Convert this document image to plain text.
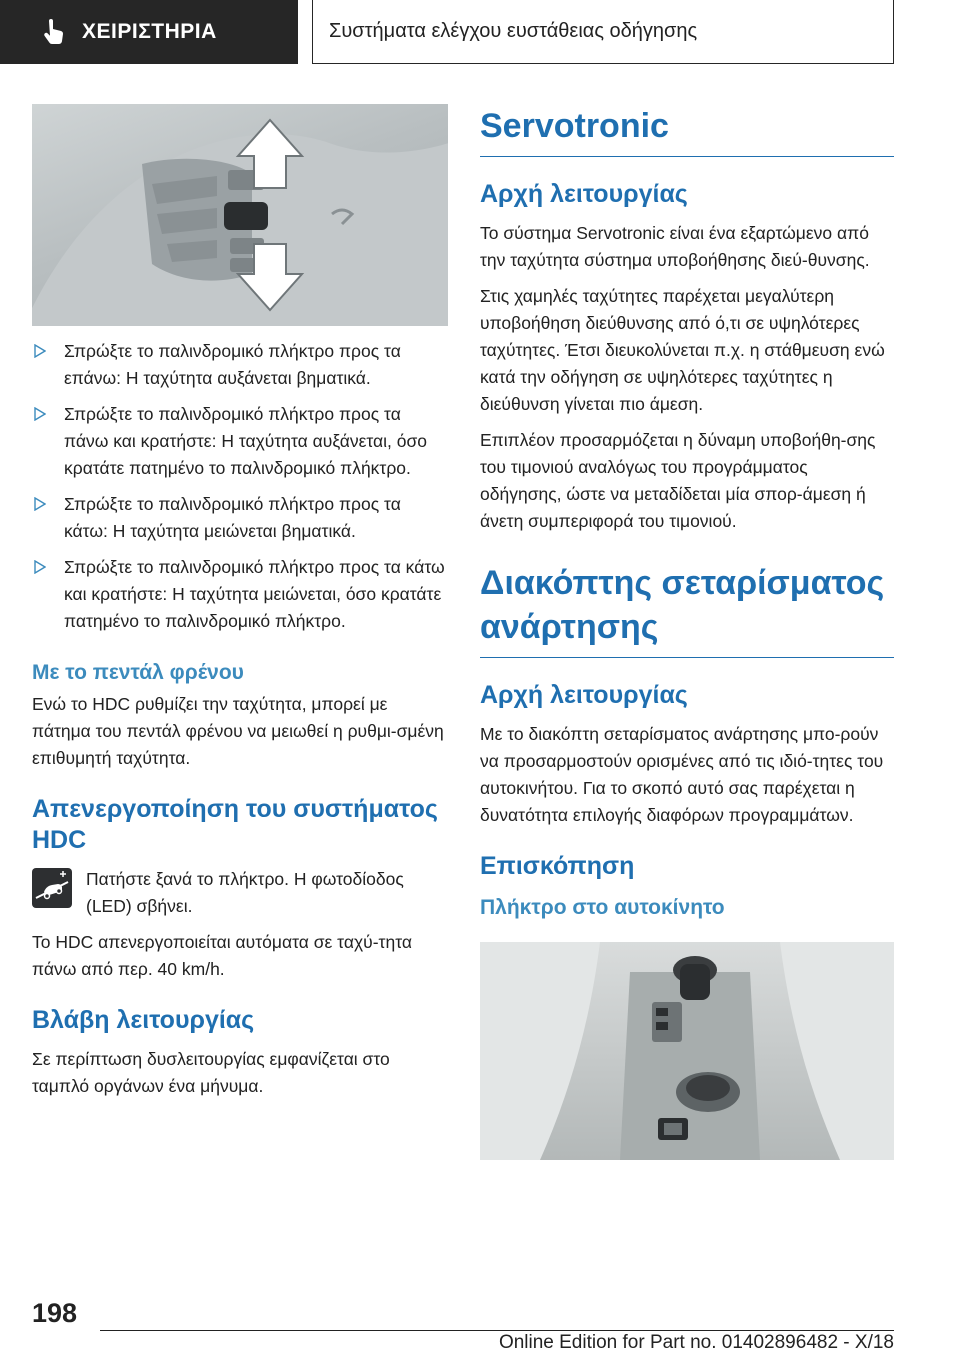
ΧΕΙΡΙΣΤΗΡΙΑ	Συστήματα ελέγχου ευστάθειας οδήγησης
Σπρώξτε το παλινδρομικό πλήκτρο προς τα επάνω: Η ταχύτητα αυξάνεται βηματικά.
Σπρώξτε το παλινδρομικό πλήκτρο προς τα πάνω και κρατήστε: Η ταχύτητα αυξάνεται, όσο κρατάτε πατημένο το παλινδρομικό πλήκτρο.
Σπρώξτε το παλινδρομικό πλήκτρο προς τα κάτω: Η ταχύτητα μειώνεται βηματικά.
Σπρώξτε το παλινδρομικό πλήκτρο προς τα κάτω και κρατήστε: Η ταχύτητα μειώνεται, όσο κρατάτε πατημένο το παλινδρομικό πλήκτρο.
Με το πεντάλ φρένου

Ενώ το HDC ρυθμίζει την ταχύτητα, μπορεί με πάτημα του πεντάλ φρένου να μειωθεί η ρυθμι-σμένη επιθυμητή ταχύτητα.

Απενεργοποίηση του συστήματος HDC

Πατήστε ξανά το πλήκτρο. Η φωτοδίοδος (LED) σβήνει.

Το HDC απενεργοποιείται αυτόματα σε ταχύ-τητα πάνω από περ. 40 km/h.

Βλάβη λειτουργίας

Σε περίπτωση δυσλειτουργίας εμφανίζεται στο ταμπλό οργάνων ένα μήνυμα.

Servotronic
Αρχή λειτουργίας

Το σύστημα Servotronic είναι ένα εξαρτώμενο από την ταχύτητα σύστημα υποβοήθησης διεύ-θυνσης.

Στις χαμηλές ταχύτητες παρέχεται μεγαλύτερη υποβοήθηση διεύθυνσης από ό,τι σε υψηλότερες ταχύτητες. Έτσι διευκολύνεται π.χ. η στάθμευση ενώ κατά την οδήγηση σε υψηλότερες ταχύτητες η διεύθυνση γίνεται πιο άμεση.

Επιπλέον προσαρμόζεται η δύναμη υποβοήθη-σης του τιμονιού αναλόγως του προγράμματος οδήγησης, ώστε να μεταδίδεται μία σπορ-άμεση ή άνετη συμπεριφορά του τιμονιού.

Διακόπτης σεταρίσματος ανάρτησης
Αρχή λειτουργίας

Με το διακόπτη σεταρίσματος ανάρτησης μπο-ρούν να προσαρμοστούν ορισμένες από τις ιδιό-τητες του αυτοκινήτου. Για το σκοπό αυτό σας παρέχεται η δυνατότητα επιλογής διαφόρων προγραμμάτων.

Επισκόπηση
Πλήκτρο στο αυτοκίνητο
198
Online Edition for Part no. 01402896482 - X/18
